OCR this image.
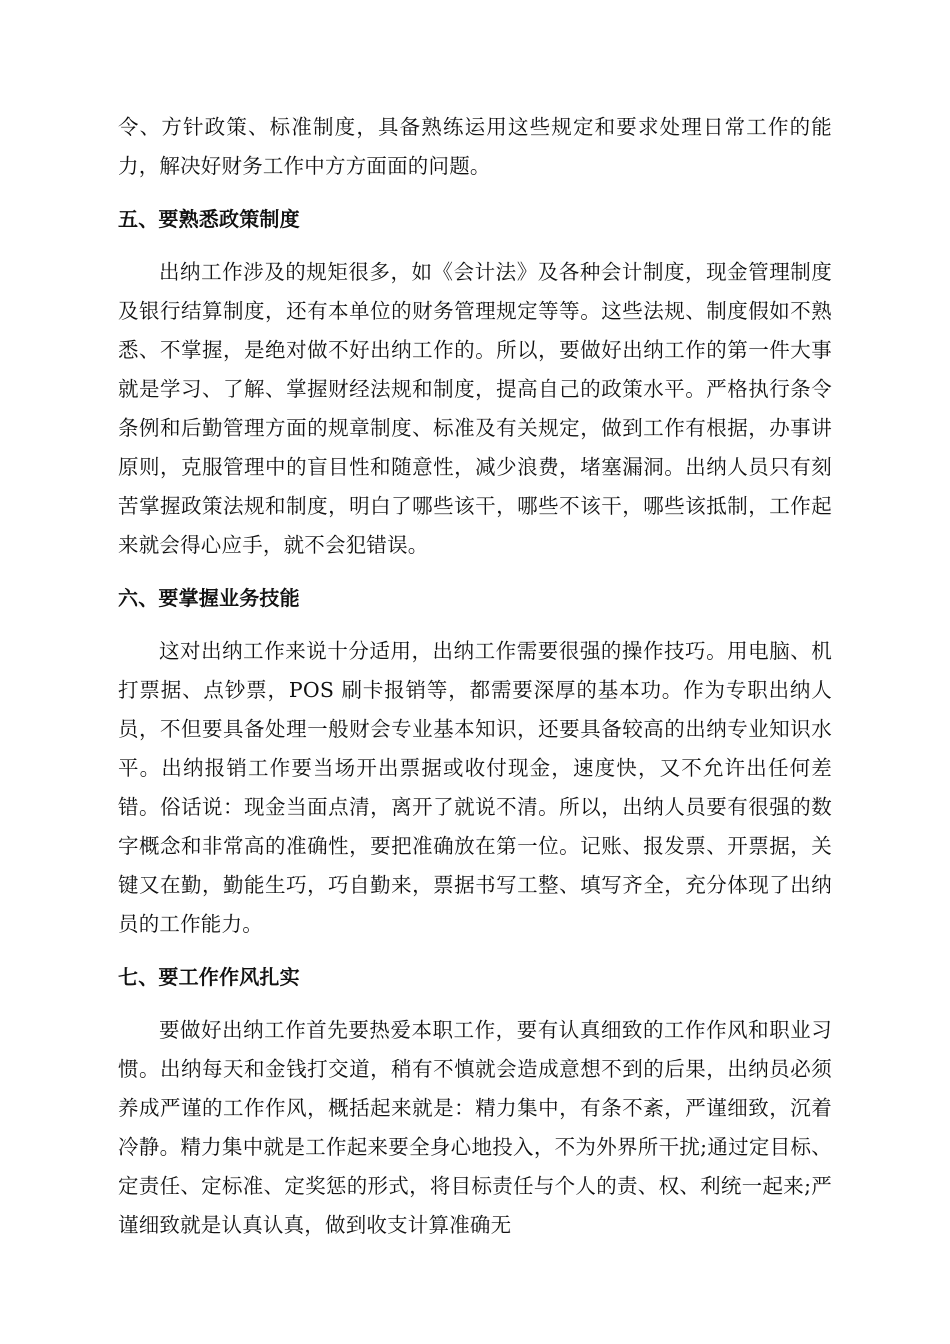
令、方针政策、标准制度，具备熟练运用这些规定和要求处理日常工作的能力，解决好财务工作中方方面面的问题。

五、要熟悉政策制度

出纳工作涉及的规矩很多，如《会计法》及各种会计制度，现金管理制度及银行结算制度，还有本单位的财务管理规定等等。这些法规、制度假如不熟悉、不掌握，是绝对做不好出纳工作的。所以，要做好出纳工作的第一件大事就是学习、了解、掌握财经法规和制度，提高自己的政策水平。严格执行条令条例和后勤管理方面的规章制度、标准及有关规定，做到工作有根据，办事讲原则，克服管理中的盲目性和随意性，减少浪费，堵塞漏洞。出纳人员只有刻苦掌握政策法规和制度，明白了哪些该干，哪些不该干，哪些该抵制，工作起来就会得心应手，就不会犯错误。

六、要掌握业务技能

这对出纳工作来说十分适用，出纳工作需要很强的操作技巧。用电脑、机打票据、点钞票，POS 刷卡报销等，都需要深厚的基本功。作为专职出纳人员，不但要具备处理一般财会专业基本知识，还要具备较高的出纳专业知识水平。出纳报销工作要当场开出票据或收付现金，速度快，又不允许出任何差错。俗话说：现金当面点清，离开了就说不清。所以，出纳人员要有很强的数字概念和非常高的准确性，要把准确放在第一位。记账、报发票、开票据，关键又在勤，勤能生巧，巧自勤来，票据书写工整、填写齐全，充分体现了出纳员的工作能力。

七、要工作作风扎实

要做好出纳工作首先要热爱本职工作，要有认真细致的工作作风和职业习惯。出纳每天和金钱打交道，稍有不慎就会造成意想不到的后果，出纳员必须养成严谨的工作作风，概括起来就是：精力集中，有条不紊，严谨细致，沉着冷静。精力集中就是工作起来要全身心地投入，不为外界所干扰;通过定目标、定责任、定标准、定奖惩的形式，将目标责任与个人的责、权、利统一起来;严谨细致就是认真认真，做到收支计算准确无
